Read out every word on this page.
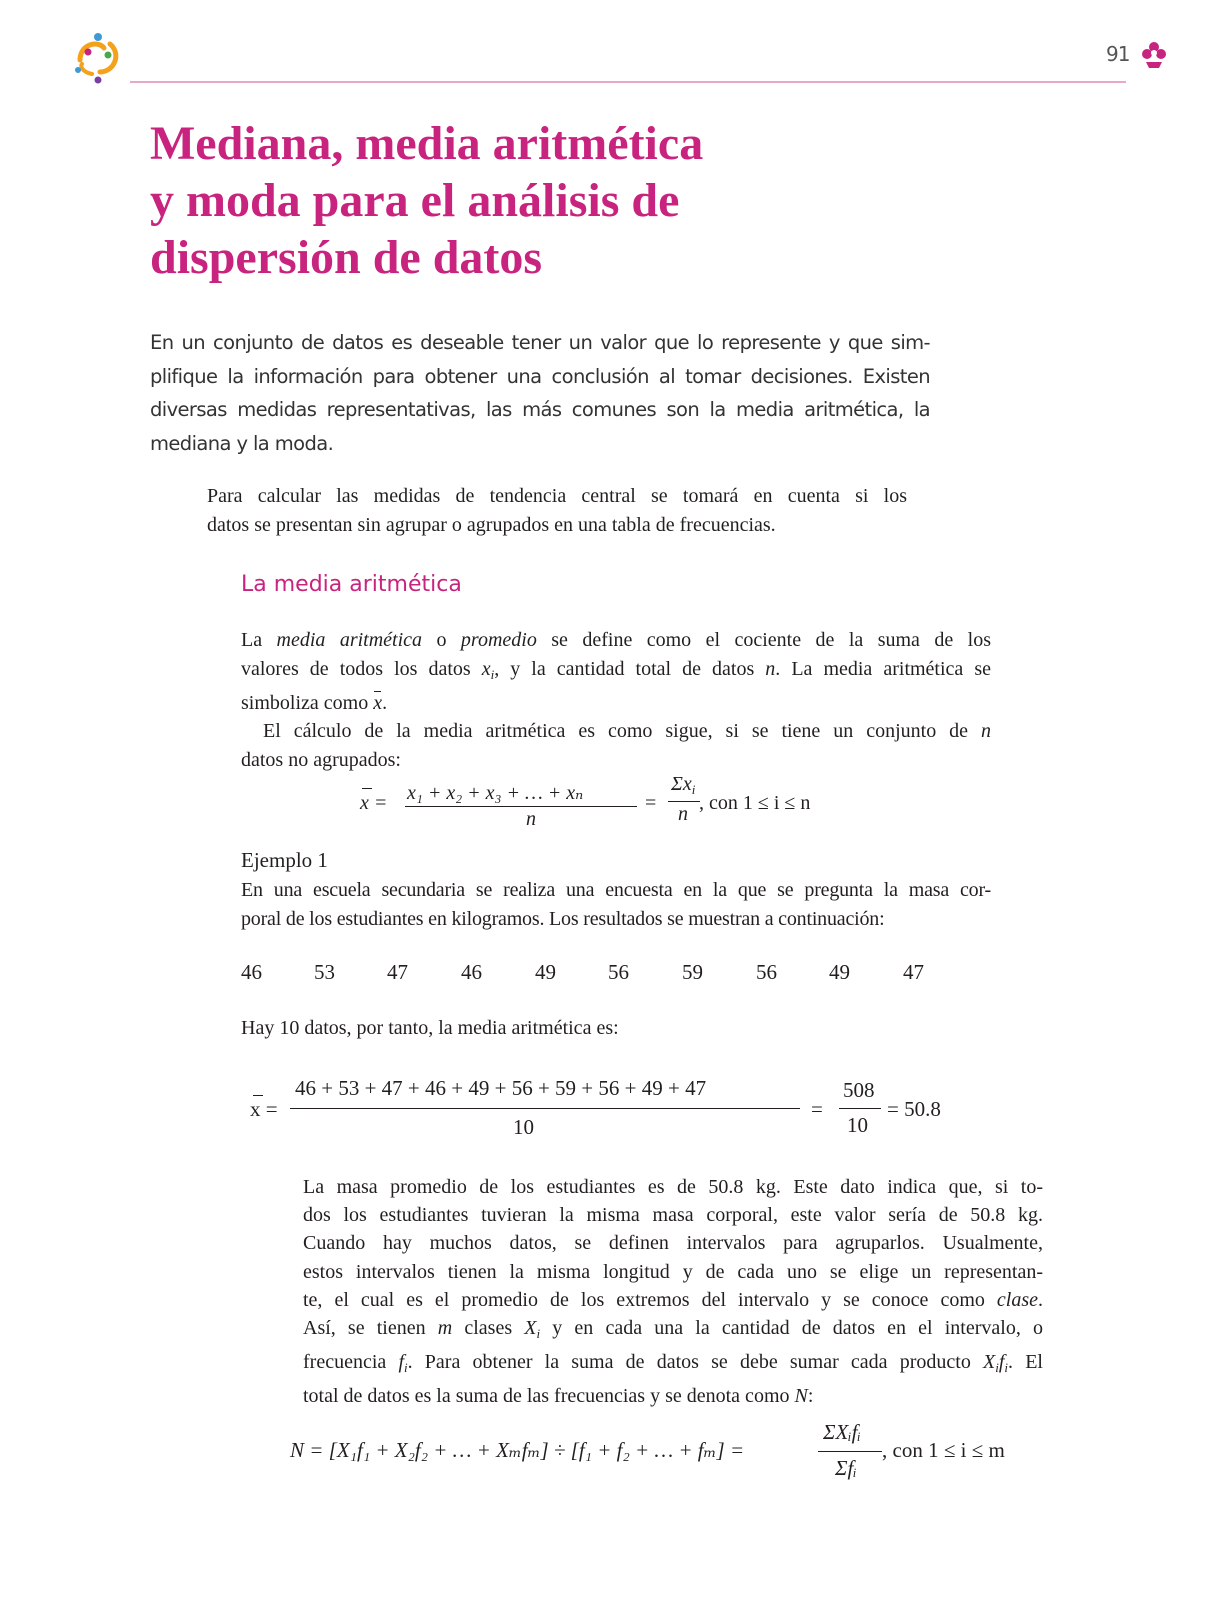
91
Mediana, media aritmética
y moda para el análisis de
dispersión de datos
En un conjunto de datos es deseable tener un valor que lo represente y que sim-
plifique la información para obtener una conclusión al tomar decisiones. Existen
diversas medidas representativas, las más comunes son la media aritmética, la
mediana y la moda.
Para calcular las medidas de tendencia central se tomará en cuenta si los
datos se presentan sin agrupar o agrupados en una tabla de frecuencias.
La media aritmética
La media aritmética o promedio se define como el cociente de la suma de los
valores de todos los datos $x_i$, y la cantidad total de datos n. La media aritmética se
simboliza como
x.
El cálculo de la media aritmética es como sigue, si se tiene un conjunto de n
datos no agrupados:
x = x₁ + x₂ + x₃ + … + xₙ
n
=
$\Sigma x_i$
n , con 1 ≤ i ≤ n
Ejemplo 1
En una escuela secundaria se realiza una encuesta en la que se pregunta la masa cor-
poral de los estudiantes en kilogramos. Los resultados se muestran a continuación:
46 53 47	46	49 56	59	56 49	47
Hay 10 datos, por tanto, la media aritmética es:
x =
46 + 53 + 47 + 46 + 49 + 56 + 59 + 56 + 49 + 47
10
=
508
10
= 50.8
La masa promedio de los estudiantes es de 50.8 kg. Este dato indica que, si to-
dos los estudiantes tuvieran la misma masa corporal, este valor sería de 50.8 kg.
Cuando hay muchos datos, se definen intervalos para agruparlos. Usualmente,
estos intervalos tienen la misma longitud y de cada uno se elige un representan-
te, el cual es el promedio de los extremos del intervalo y se conoce como clase.
Así, se tienen m clases $X_i$ y en cada una la cantidad de datos en el intervalo, o
frecuencia $f_i$. Para obtener la suma de datos se debe sumar cada producto $X_if_i$. El
total de datos es la suma de las frecuencias y se denota como N:
N = [X₁f₁ + X₂f₂ + … + Xₘfₘ] ÷ [f₁ + f₂ + … + fₘ] =
ΣXᵢfᵢ
Σfᵢ
, con 1 ≤ i ≤ m
